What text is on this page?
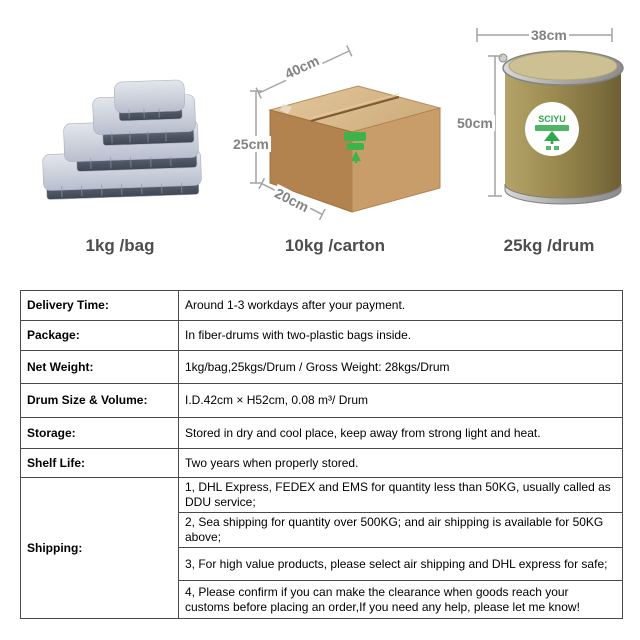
SCIYU
40cm
25cm
20cm
38cm
50cm
1kg /bag	10kg /carton	25kg /drum
Delivery Time:	Around 1-3 workdays after your payment.
Package:	In fiber-drums with two-plastic bags inside.
Net Weight:	1kg/bag,25kgs/Drum / Gross Weight: 28kgs/Drum
Drum Size & Volume:	I.D.42cm × H52cm, 0.08 m³/ Drum
Storage:	Stored in dry and cool place, keep away from strong light and heat.
Shelf Life:	Two years when properly stored.
Shipping:	1, DHL Express, FEDEX and EMS for quantity less than 50KG, usually called as DDU service;
	2, Sea shipping for quantity over 500KG; and air shipping is available for 50KG above;
	3, For high value products, please select air shipping and DHL express for safe;
	4, Please confirm if you can make the clearance when goods reach your customs before placing an order,If you need any help, please let me know!
